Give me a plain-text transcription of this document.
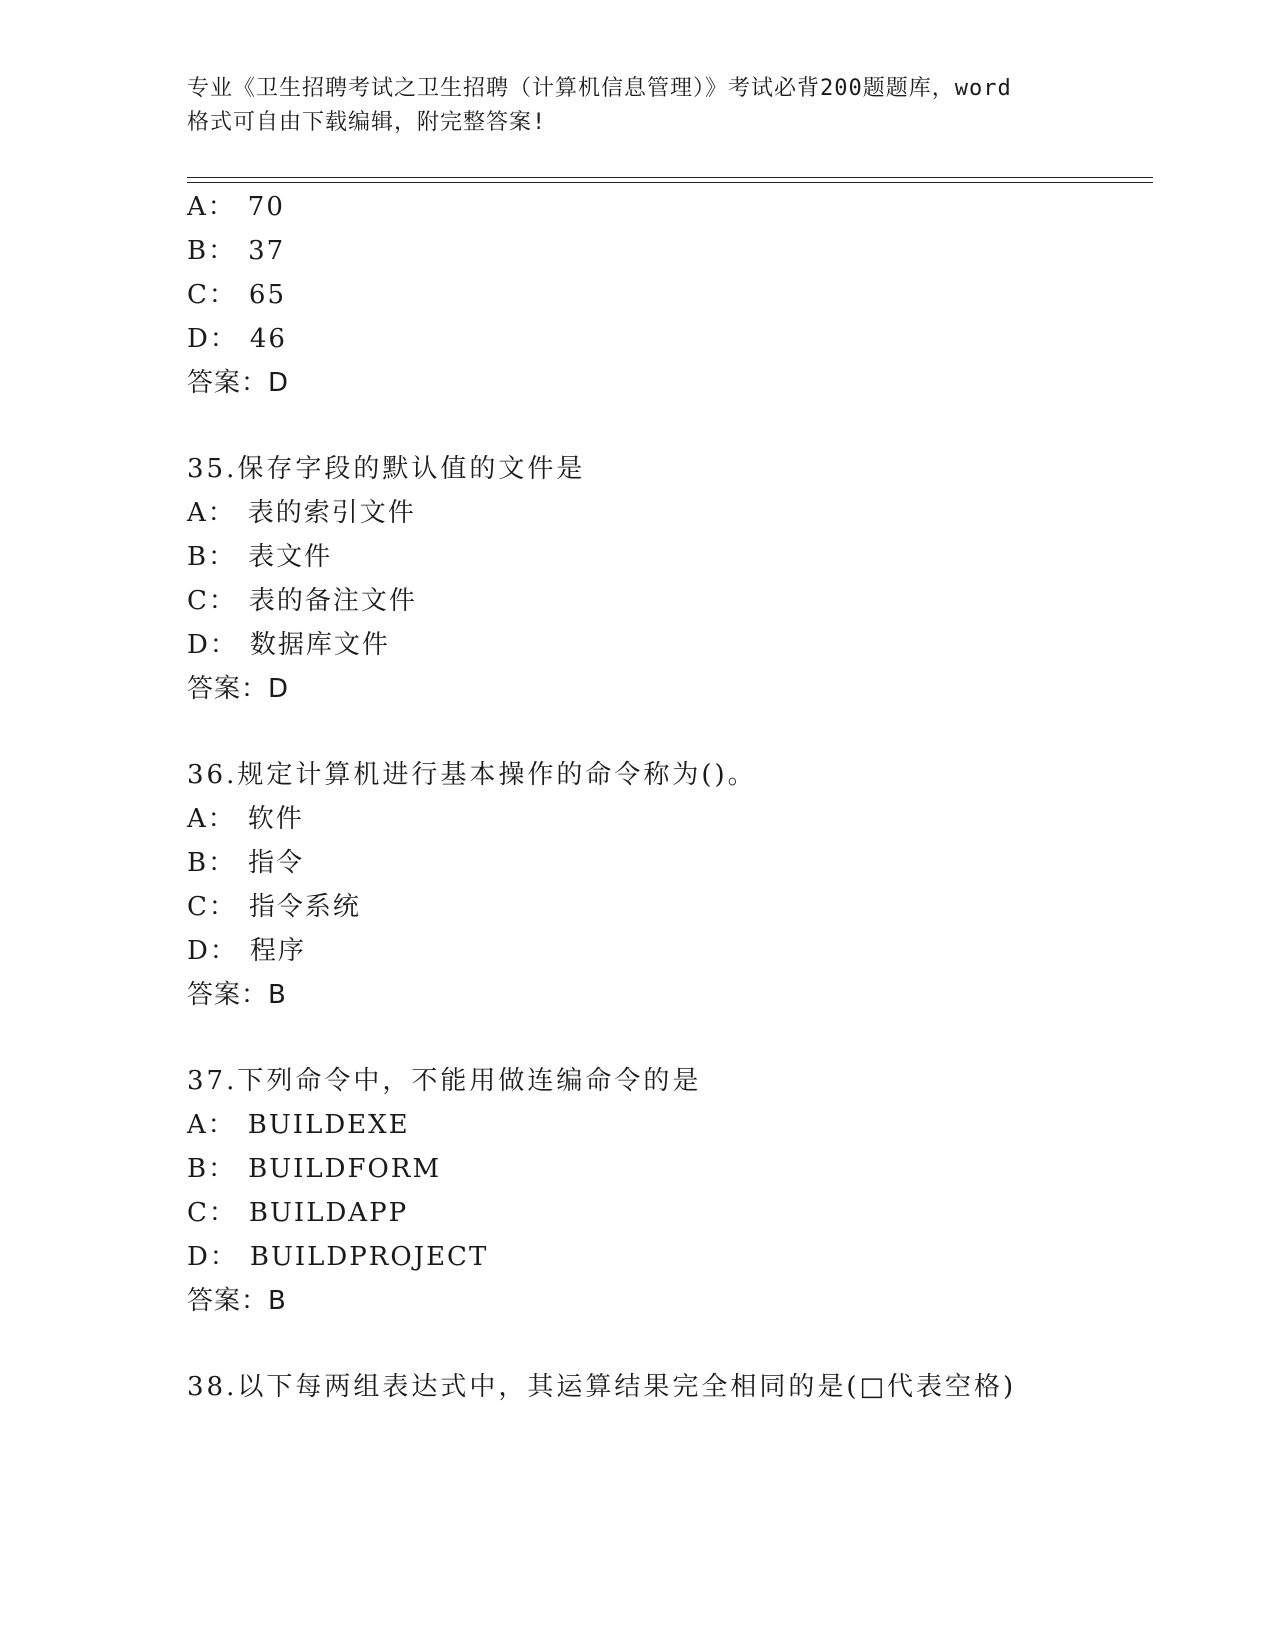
专业《卫生招聘考试之卫生招聘（计算机信息管理）》考试必背200题题库，word
格式可自由下载编辑，附完整答案!
A： 70
B： 37
C： 65
D： 46
答案：D
35.保存字段的默认值的文件是
A： 表的索引文件
B： 表文件
C： 表的备注文件
D： 数据库文件
答案：D
36.规定计算机进行基本操作的命令称为()。
A： 软件
B： 指令
C： 指令系统
D： 程序
答案：B
37.下列命令中，不能用做连编命令的是
A： BUILDEXE
B： BUILDFORM
C： BUILDAPP
D： BUILDPROJECT
答案：B
38.以下每两组表达式中，其运算结果完全相同的是(□代表空格)
